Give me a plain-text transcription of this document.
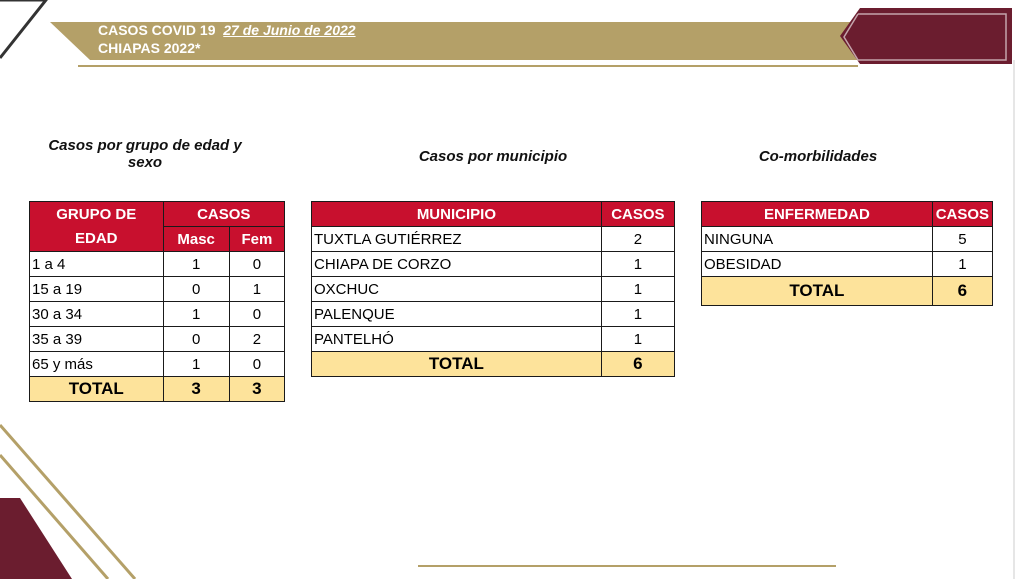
CASOS COVID 19 27 de Junio de 2022
CHIAPAS 2022*
Casos por grupo de edad y
sexo	Casos por municipio	Co-morbilidades
GRUPO DE
EDAD	CASOS	
	Masc	Fem
1 a 4	1	0
15 a 19	0	1
30 a 34	1	0
35 a 39	0	2
65 y más	1	0
TOTAL	3	3
MUNICIPIO	CASOS
TUXTLA GUTIÉRREZ	2
CHIAPA DE CORZO	1
OXCHUC	1
PALENQUE	1
PANTELHÓ	1
TOTAL	6
ENFERMEDAD	CASOS
NINGUNA	5
OBESIDAD	1
TOTAL	6
